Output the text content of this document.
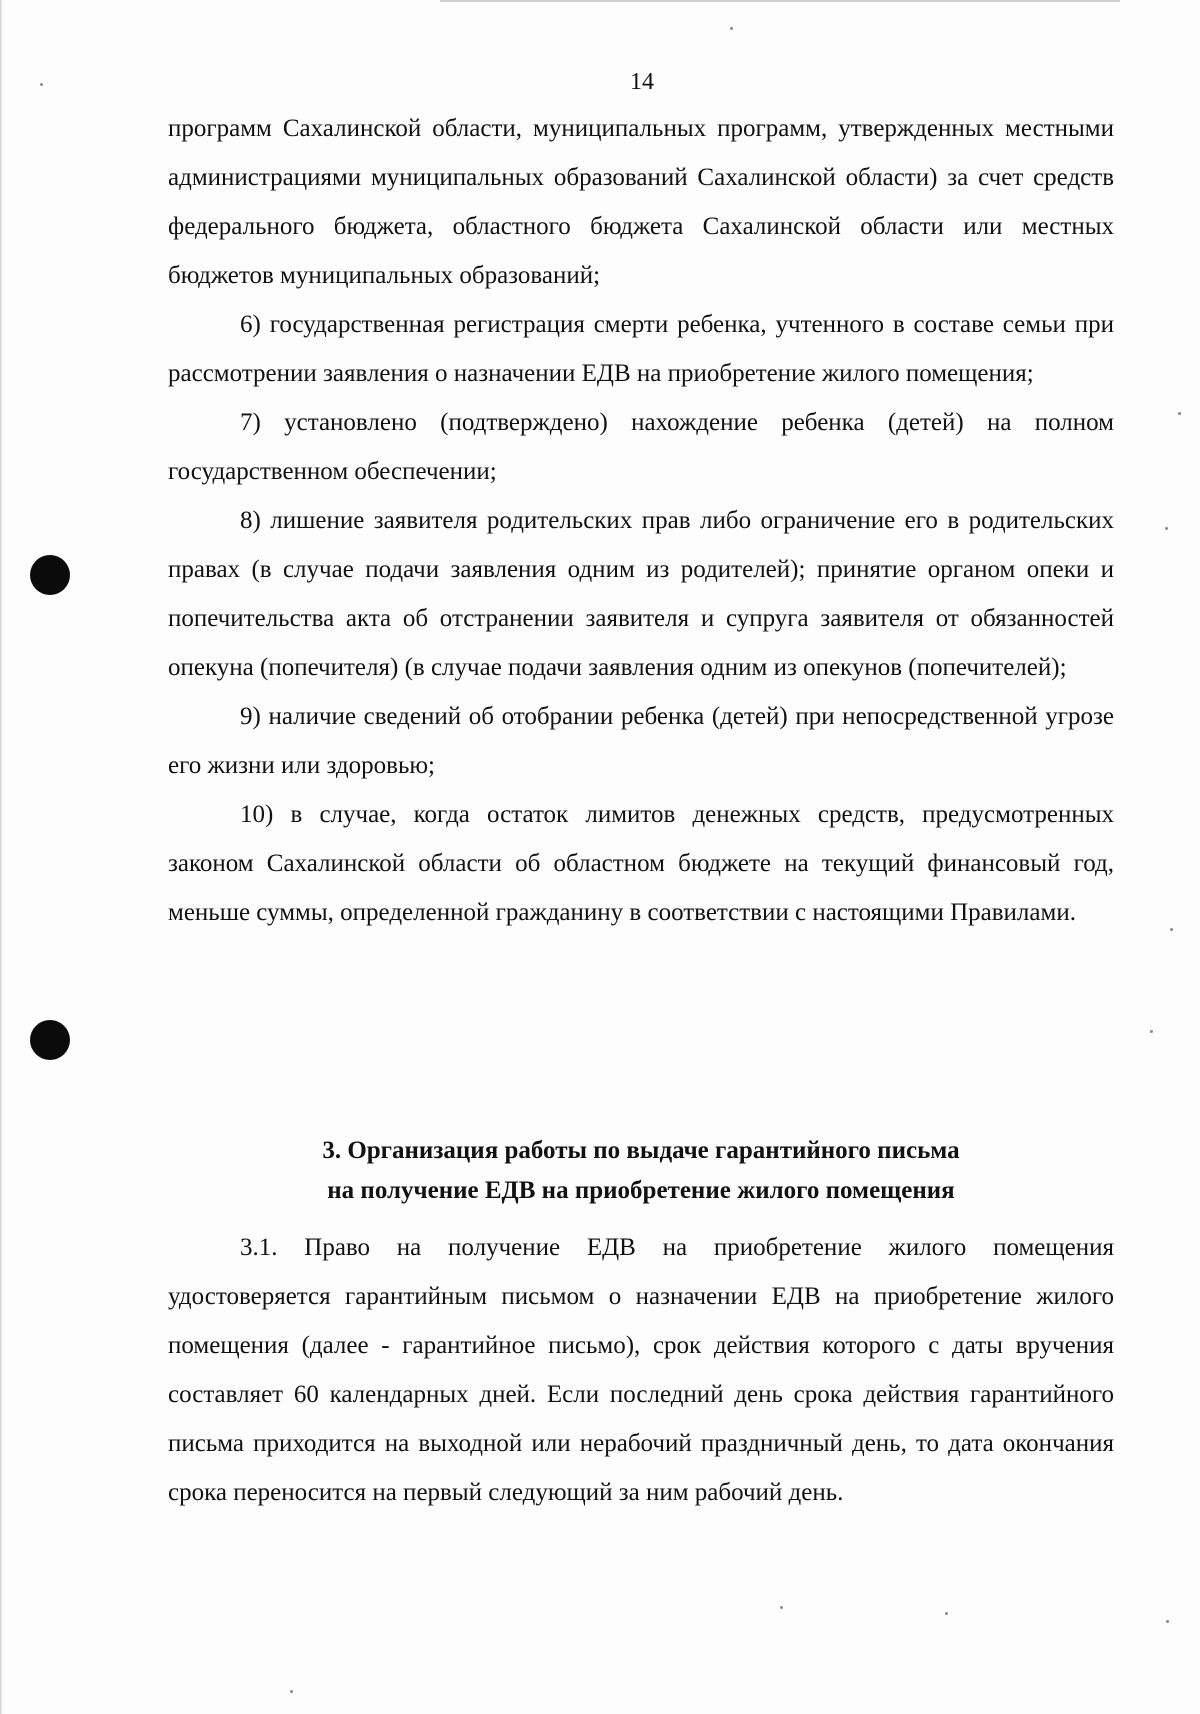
14

программ Сахалинской области, муниципальных программ, утвержденных местными администрациями муниципальных образований Сахалинской области) за счет средств федерального бюджета, областного бюджета Сахалинской области или местных бюджетов муниципальных образований;

6) государственная регистрация смерти ребенка, учтенного в составе семьи при рассмотрении заявления о назначении ЕДВ на приобретение жилого помещения;

7) установлено (подтверждено) нахождение ребенка (детей) на полном государственном обеспечении;

8) лишение заявителя родительских прав либо ограничение его в родительских правах (в случае подачи заявления одним из родителей); принятие органом опеки и попечительства акта об отстранении заявителя и супруга заявителя от обязанностей опекуна (попечителя) (в случае подачи заявления одним из опекунов (попечителей);

9) наличие сведений об отобрании ребенка (детей) при непосредственной угрозе его жизни или здоровью;

10) в случае, когда остаток лимитов денежных средств, предусмотренных законом Сахалинской области об областном бюджете на текущий финансовый год, меньше суммы, определенной гражданину в соответствии с настоящими Правилами.

3. Организация работы по выдаче гарантийного письма
на получение ЕДВ на приобретение жилого помещения

3.1. Право на получение ЕДВ на приобретение жилого помещения удостоверяется гарантийным письмом о назначении ЕДВ на приобретение жилого помещения (далее - гарантийное письмо), срок действия которого с даты вручения составляет 60 календарных дней. Если последний день срока действия гарантийного письма приходится на выходной или нерабочий праздничный день, то дата окончания срока переносится на первый следующий за ним рабочий день.
